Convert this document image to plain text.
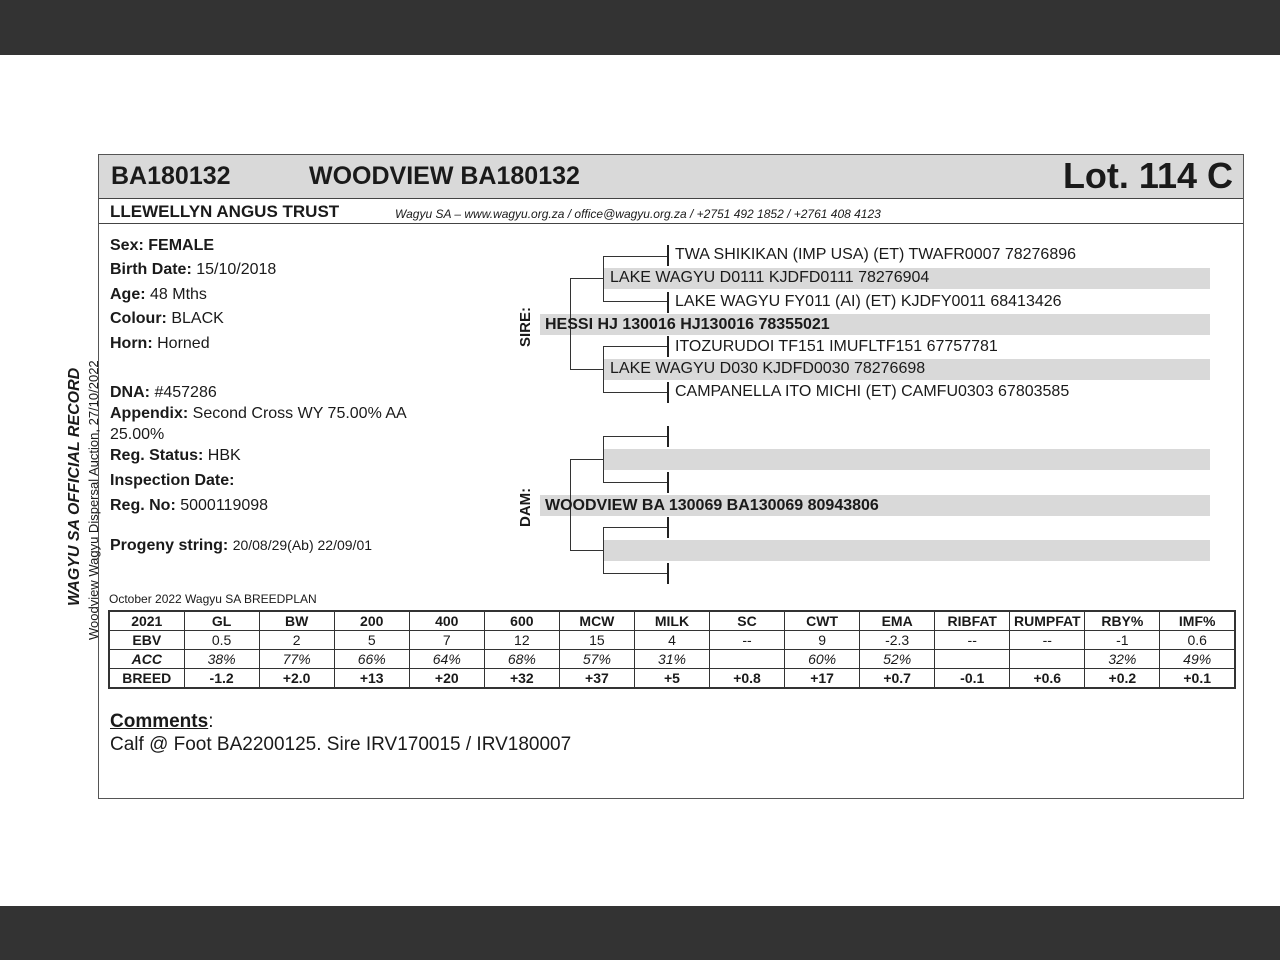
BA180132	WOODVIEW BA180132	Lot. 114 C
LLEWELLYN ANGUS TRUST	Wagyu SA – www.wagyu.org.za / office@wagyu.org.za / +2751 492 1852 / +2761 408 4123
WAGYU SA OFFICIAL RECORD Woodview Wagyu Dispersal Auction, 27/10/2022
Sex: FEMALE
Birth Date: 15/10/2018
Age: 48 Mths
Colour: BLACK
Horn: Horned
DNA: #457286
Appendix: Second Cross WY 75.00% AA
25.00%
Reg. Status: HBK
Inspection Date:
Reg. No: 5000119098
Progeny string: 20/08/29(Ab) 22/09/01
SIRE:
TWA SHIKIKAN (IMP USA) (ET) TWAFR0007 78276896
LAKE WAGYU D0111 KJDFD0111 78276904
LAKE WAGYU FY011 (AI) (ET) KJDFY0011 68413426
HESSI HJ 130016 HJ130016 78355021
ITOZURUDOI TF151 IMUFLTF151 67757781
LAKE WAGYU D030 KJDFD0030 78276698
CAMPANELLA ITO MICHI (ET) CAMFU0303 67803585
DAM: WOODVIEW BA 130069 BA130069 80943806
October 2022 Wagyu SA BREEDPLAN
2021	GL	BW	200	400	600	MCW	MILK	SC	CWT	EMA	RIBFAT	RUMPFAT	RBY%	IMF%
EBV	0.5	2	5	7	12	15	4	--	9	-2.3	--	--	-1	0.6
ACC	38%	77%	66%	64%	68%	57%	31%		60%	52%			32%	49%
BREED	-1.2	+2.0	+13	+20	+32	+37	+5	+0.8	+17	+0.7	-0.1	+0.6	+0.2	+0.1
Comments:
Calf @ Foot BA2200125. Sire IRV170015 / IRV180007
